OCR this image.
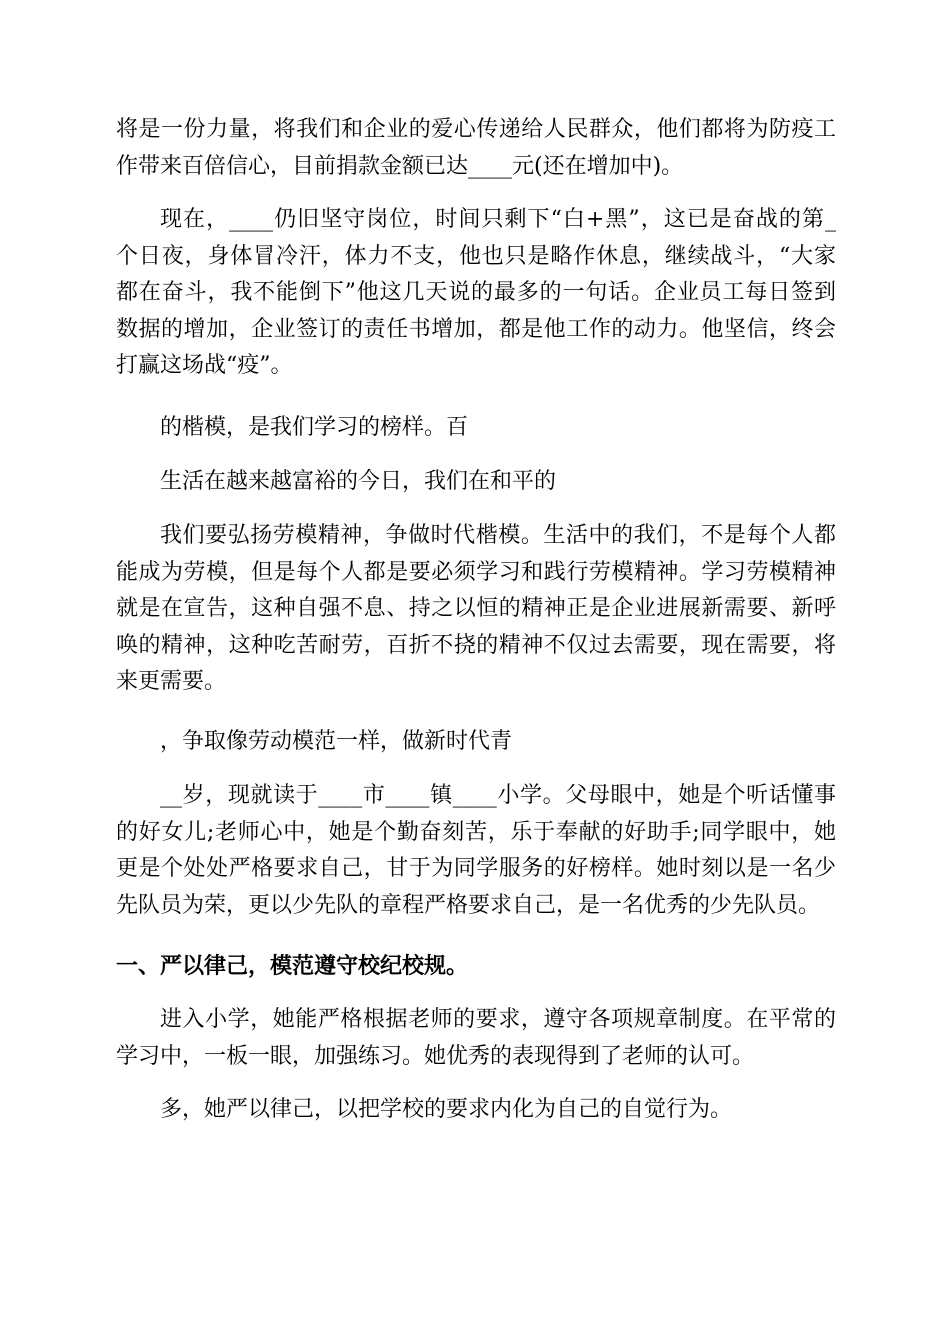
将是一份力量，将我们和企业的爱心传递给人民群众，他们都将为防疫工
作带来百倍信心，目前捐款金额已达____元(还在增加中)。

现在，____仍旧坚守岗位，时间只剩下“白+黑”，这已是奋战的第_
个日夜，身体冒冷汗，体力不支，他也只是略作休息，继续战斗，“大家
都在奋斗，我不能倒下”他这几天说的最多的一句话。企业员工每日签到
数据的增加，企业签订的责任书增加，都是他工作的动力。他坚信，终会
打赢这场战“疫”。

的楷模，是我们学习的榜样。百

生活在越来越富裕的今日，我们在和平的

我们要弘扬劳模精神，争做时代楷模。生活中的我们，不是每个人都
能成为劳模，但是每个人都是要必须学习和践行劳模精神。学习劳模精神
就是在宣告，这种自强不息、持之以恒的精神正是企业进展新需要、新呼
唤的精神，这种吃苦耐劳，百折不挠的精神不仅过去需要，现在需要，将
来更需要。

，争取像劳动模范一样，做新时代青

__岁，现就读于____市____镇____小学。父母眼中，她是个听话懂事
的好女儿;老师心中，她是个勤奋刻苦，乐于奉献的好助手;同学眼中，她
更是个处处严格要求自己，甘于为同学服务的好榜样。她时刻以是一名少
先队员为荣，更以少先队的章程严格要求自己，是一名优秀的少先队员。

一、严以律己，模范遵守校纪校规。

进入小学，她能严格根据老师的要求，遵守各项规章制度。在平常的
学习中，一板一眼，加强练习。她优秀的表现得到了老师的认可。

多，她严以律己，以把学校的要求内化为自己的自觉行为。
